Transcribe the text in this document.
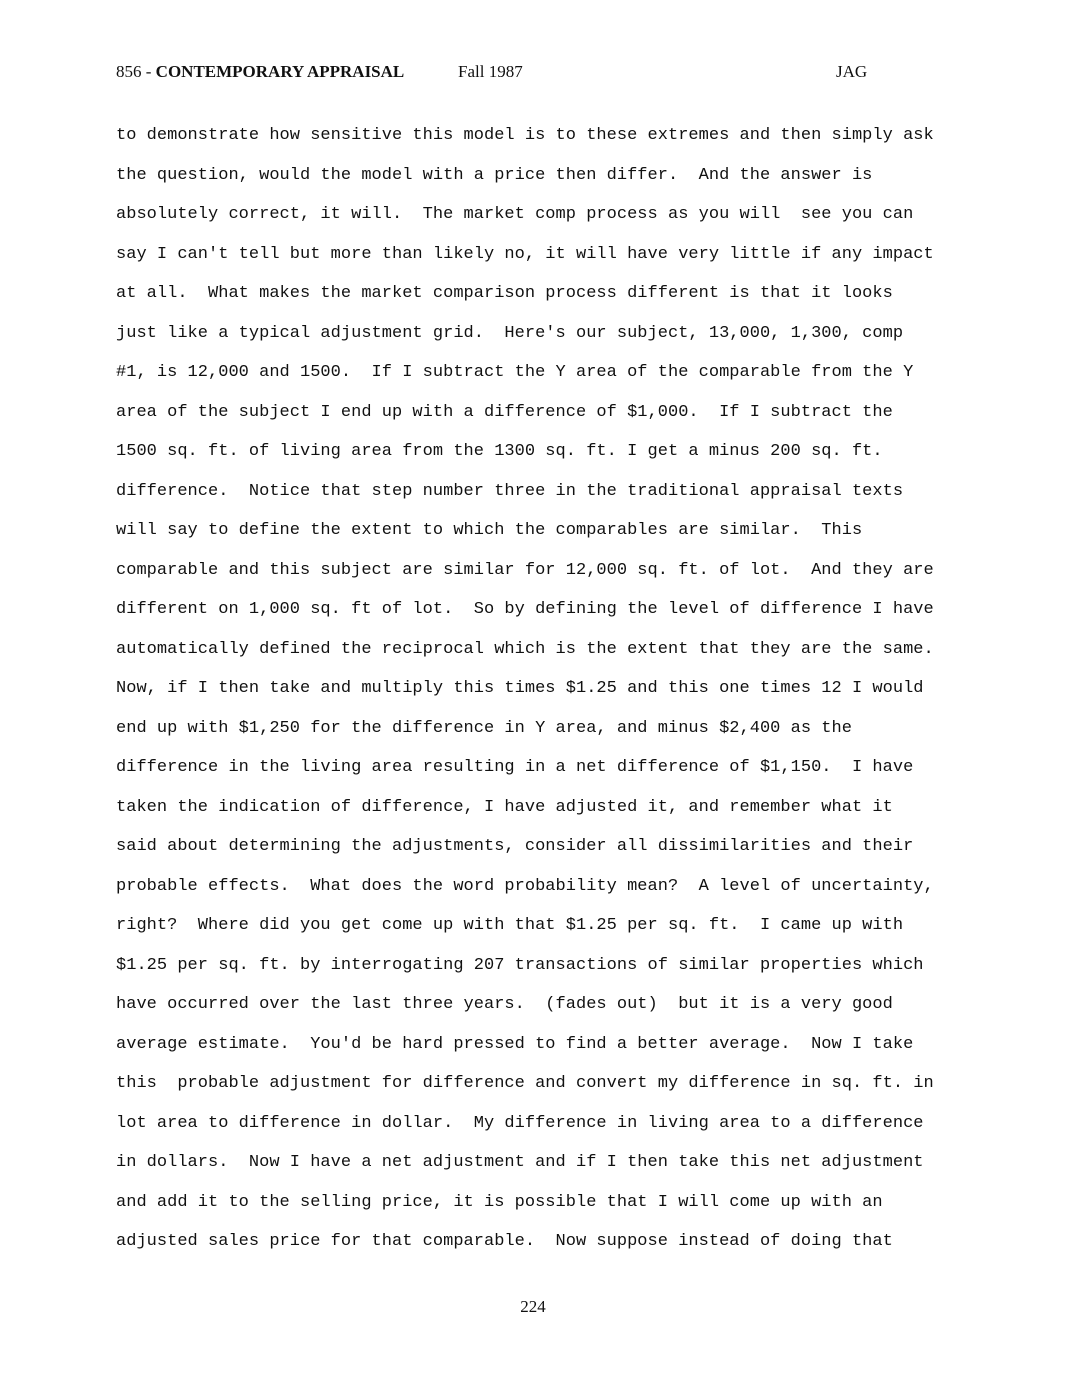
856 - CONTEMPORARY APPRAISAL	Fall 1987	JAG
to demonstrate how sensitive this model is to these extremes and then simply ask
the question, would the model with a price then differ.  And the answer is
absolutely correct, it will.  The market comp process as you will  see you can
say I can't tell but more than likely no, it will have very little if any impact
at all.  What makes the market comparison process different is that it looks
just like a typical adjustment grid.  Here's our subject, 13,000, 1,300, comp
#1, is 12,000 and 1500.  If I subtract the Y area of the comparable from the Y
area of the subject I end up with a difference of $1,000.  If I subtract the
1500 sq. ft. of living area from the 1300 sq. ft. I get a minus 200 sq. ft.
difference.  Notice that step number three in the traditional appraisal texts
will say to define the extent to which the comparables are similar.  This
comparable and this subject are similar for 12,000 sq. ft. of lot.  And they are
different on 1,000 sq. ft of lot.  So by defining the level of difference I have
automatically defined the reciprocal which is the extent that they are the same.
Now, if I then take and multiply this times $1.25 and this one times 12 I would
end up with $1,250 for the difference in Y area, and minus $2,400 as the
difference in the living area resulting in a net difference of $1,150.  I have
taken the indication of difference, I have adjusted it, and remember what it
said about determining the adjustments, consider all dissimilarities and their
probable effects.  What does the word probability mean?  A level of uncertainty,
right?  Where did you get come up with that $1.25 per sq. ft.  I came up with
$1.25 per sq. ft. by interrogating 207 transactions of similar properties which
have occurred over the last three years.  (fades out)  but it is a very good
average estimate.  You'd be hard pressed to find a better average.  Now I take
this  probable adjustment for difference and convert my difference in sq. ft. in
lot area to difference in dollar.  My difference in living area to a difference
in dollars.  Now I have a net adjustment and if I then take this net adjustment
and add it to the selling price, it is possible that I will come up with an
adjusted sales price for that comparable.  Now suppose instead of doing that
224
